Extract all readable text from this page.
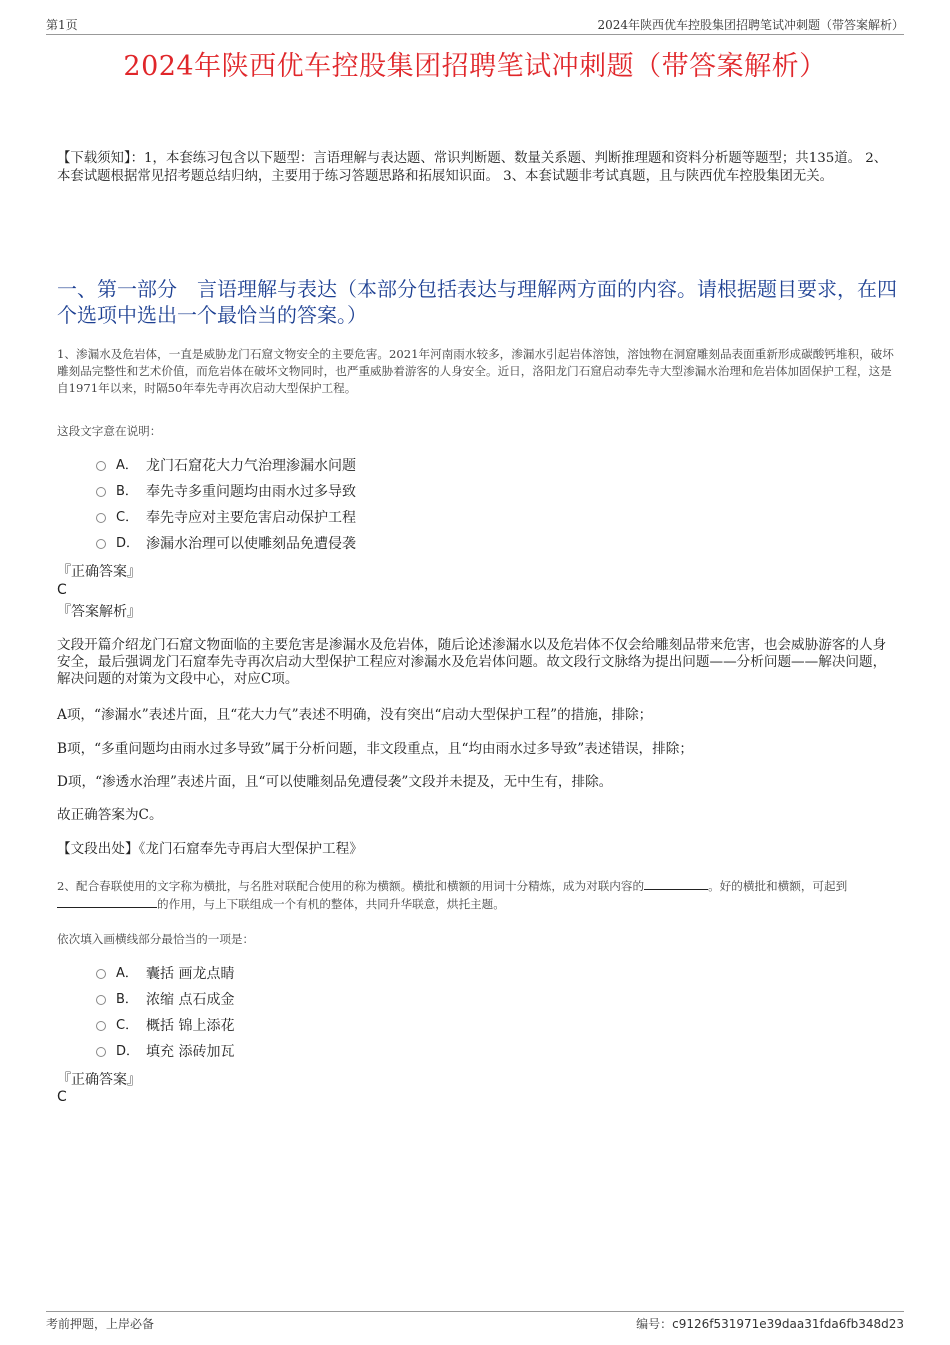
第1页	2024年陕西优车控股集团招聘笔试冲刺题（带答案解析）
2024年陕西优车控股集团招聘笔试冲刺题（带答案解析）
【下载须知】：1，本套练习包含以下题型：言语理解与表达题、常识判断题、数量关系题、判断推理题和资料分析题等题型；共135道。 2、本套试题根据常见招考题总结归纳，主要用于练习答题思路和拓展知识面。 3、本套试题非考试真题，且与陕西优车控股集团无关。
一、第一部分　言语理解与表达（本部分包括表达与理解两方面的内容。请根据题目要求，在四个选项中选出一个最恰当的答案。）
1、渗漏水及危岩体，一直是威胁龙门石窟文物安全的主要危害。2021年河南雨水较多，渗漏水引起岩体溶蚀，溶蚀物在洞窟雕刻品表面重新形成碳酸钙堆积，破坏雕刻品完整性和艺术价值，而危岩体在破坏文物同时，也严重威胁着游客的人身安全。近日，洛阳龙门石窟启动奉先寺大型渗漏水治理和危岩体加固保护工程，这是自1971年以来，时隔50年奉先寺再次启动大型保护工程。
这段文字意在说明：
A． 龙门石窟花大力气治理渗漏水问题
B． 奉先寺多重问题均由雨水过多导致
C． 奉先寺应对主要危害启动保护工程
D． 渗漏水治理可以使雕刻品免遭侵袭
『正确答案』
C
『答案解析』
文段开篇介绍龙门石窟文物面临的主要危害是渗漏水及危岩体，随后论述渗漏水以及危岩体不仅会给雕刻品带来危害，也会威胁游客的人身安全，最后强调龙门石窟奉先寺再次启动大型保护工程应对渗漏水及危岩体问题。故文段行文脉络为提出问题——分析问题——解决问题，解决问题的对策为文段中心，对应C项。
A项，“渗漏水”表述片面，且“花大力气”表述不明确，没有突出“启动大型保护工程”的措施，排除；
B项，“多重问题均由雨水过多导致”属于分析问题，非文段重点，且“均由雨水过多导致”表述错误，排除；
D项，“渗透水治理”表述片面，且“可以使雕刻品免遭侵袭”文段并未提及，无中生有，排除。
故正确答案为C。
【文段出处】《龙门石窟奉先寺再启大型保护工程》
2、配合春联使用的文字称为横批，与名胜对联配合使用的称为横额。横批和横额的用词十分精炼，成为对联内容的	。好的横批和横额，可起到的作用，与上下联组成一个有机的整体，共同升华联意，烘托主题。
依次填入画横线部分最恰当的一项是：
A． 囊括 画龙点睛
B． 浓缩 点石成金
C． 概括 锦上添花
D． 填充 添砖加瓦
『正确答案』
C
考前押题，上岸必备	编号：c9126f531971e39daa31fda6fb348d23
